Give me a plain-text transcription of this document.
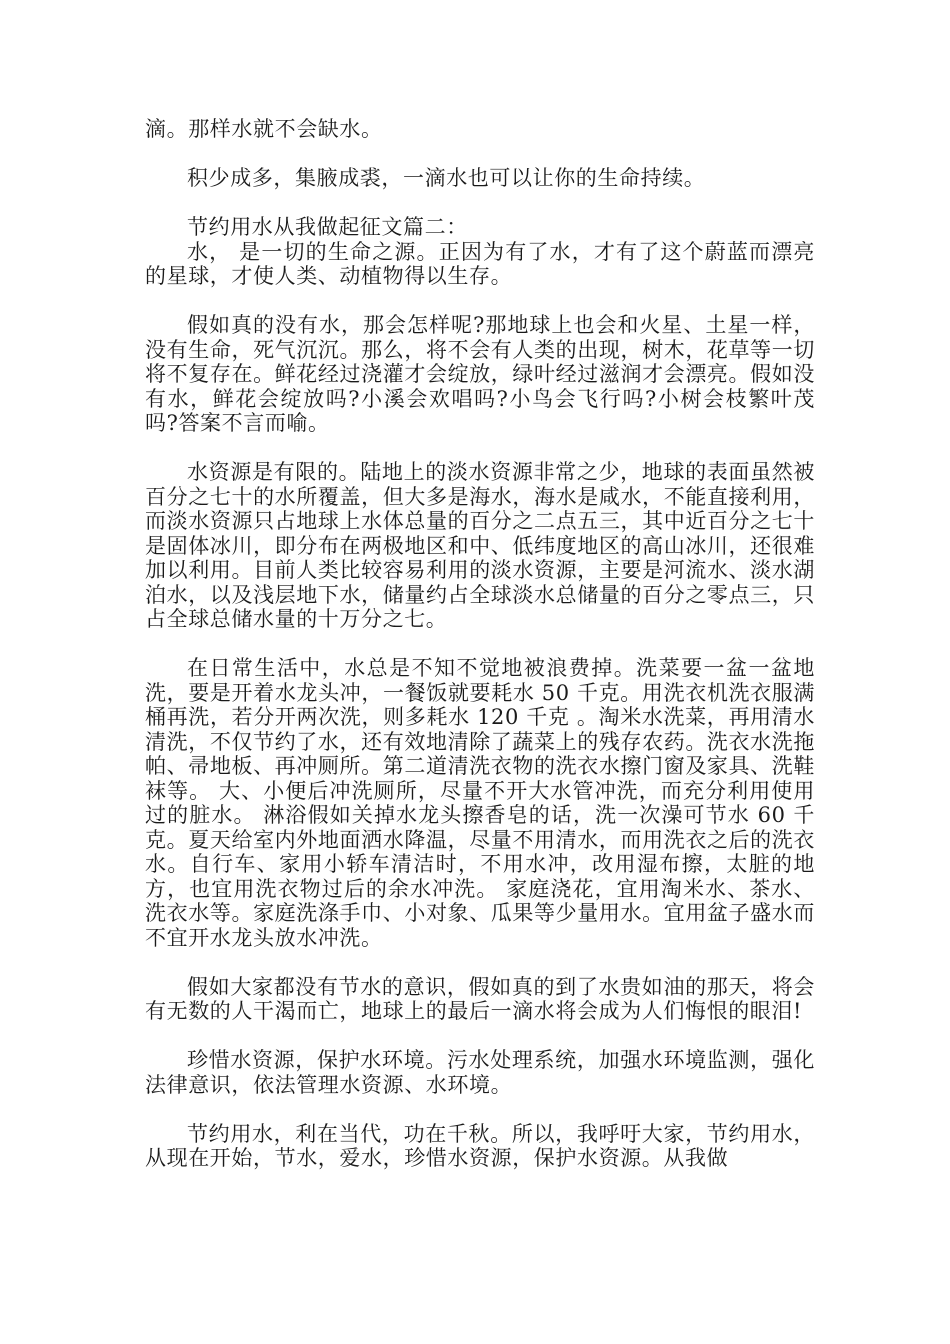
滴。那样水就不会缺水。

积少成多，集腋成裘，一滴水也可以让你的生命持续。

节约用水从我做起征文篇二：

水， 是一切的生命之源。正因为有了水，才有了这个蔚蓝而漂亮的星球，才使人类、动植物得以生存。

假如真的没有水，那会怎样呢?那地球上也会和火星、土星一样，没有生命，死气沉沉。那么，将不会有人类的出现，树木，花草等一切将不复存在。鲜花经过浇灌才会绽放，绿叶经过滋润才会漂亮。假如没有水，鲜花会绽放吗?小溪会欢唱吗?小鸟会飞行吗?小树会枝繁叶茂吗?答案不言而喻。

水资源是有限的。陆地上的淡水资源非常之少，地球的表面虽然被百分之七十的水所覆盖，但大多是海水，海水是咸水，不能直接利用，而淡水资源只占地球上水体总量的百分之二点五三，其中近百分之七十是固体冰川，即分布在两极地区和中、低纬度地区的高山冰川，还很难加以利用。目前人类比较容易利用的淡水资源，主要是河流水、淡水湖泊水，以及浅层地下水，储量约占全球淡水总储量的百分之零点三，只占全球总储水量的十万分之七。

在日常生活中，水总是不知不觉地被浪费掉。洗菜要一盆一盆地洗，要是开着水龙头冲，一餐饭就要耗水 50 千克。用洗衣机洗衣服满桶再洗，若分开两次洗，则多耗水 120 千克 。淘米水洗菜，再用清水清洗，不仅节约了水，还有效地清除了蔬菜上的残存农药。洗衣水洗拖帕、帚地板、再冲厕所。第二道清洗衣物的洗衣水擦门窗及家具、洗鞋袜等。 大、小便后冲洗厕所，尽量不开大水管冲洗，而充分利用使用过的脏水。 淋浴假如关掉水龙头擦香皂的话，洗一次澡可节水 60 千克。夏天给室内外地面洒水降温，尽量不用清水，而用洗衣之后的洗衣水。自行车、家用小轿车清洁时，不用水冲，改用湿布擦，太脏的地方，也宜用洗衣物过后的余水冲洗。 家庭浇花，宜用淘米水、茶水、洗衣水等。家庭洗涤手巾、小对象、瓜果等少量用水。宜用盆子盛水而不宜开水龙头放水冲洗。

假如大家都没有节水的意识，假如真的到了水贵如油的那天，将会有无数的人干渴而亡，地球上的最后一滴水将会成为人们悔恨的眼泪!

珍惜水资源，保护水环境。污水处理系统，加强水环境监测，强化法律意识，依法管理水资源、水环境。

节约用水，利在当代，功在千秋。所以，我呼吁大家，节约用水，从现在开始，节水，爱水，珍惜水资源，保护水资源。从我做
